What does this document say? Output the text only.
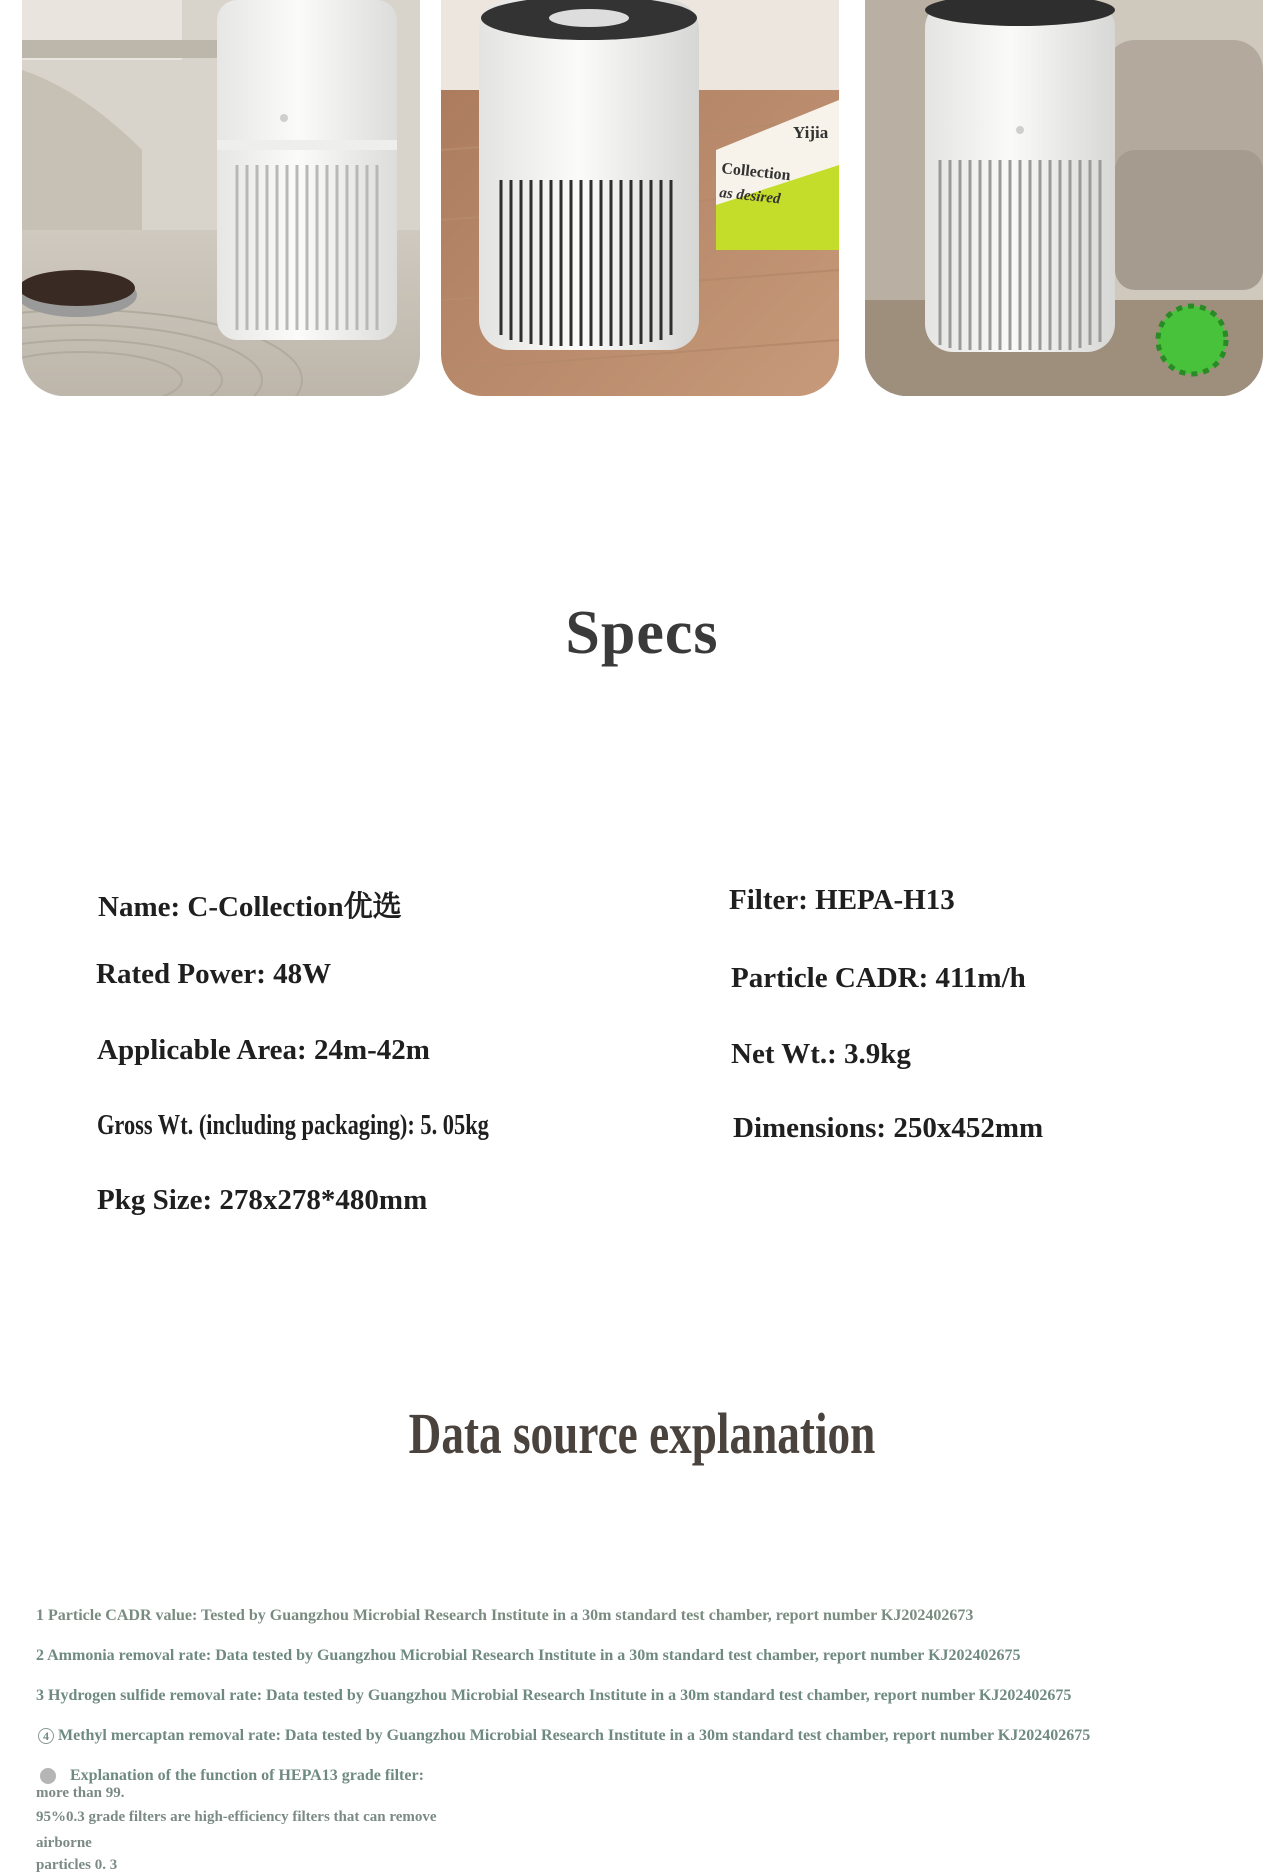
Yijia
Collection
as desired
Specs
Name: C-Collection优选
Rated Power: 48W
Applicable Area: 24m-42m
Gross Wt. (including packaging): 5. 05kg
Pkg Size: 278x278*480mm
Filter: HEPA-H13
Particle CADR: 411m/h
Net Wt.: 3.9kg
Dimensions: 250x452mm
Data source explanation
1 Particle CADR value: Tested by Guangzhou Microbial Research Institute in a 30m standard test chamber, report number KJ202402673
2 Ammonia removal rate: Data tested by Guangzhou Microbial Research Institute in a 30m standard test chamber, report number KJ202402675
3 Hydrogen sulfide removal rate: Data tested by Guangzhou Microbial Research Institute in a 30m standard test chamber, report number KJ202402675
4 Methyl mercaptan removal rate: Data tested by Guangzhou Microbial Research Institute in a 30m standard test chamber, report number KJ202402675
Explanation of the function of HEPA13 grade filter:
more than 99.
95%0.3 grade filters are high-efficiency filters that can remove
airborne
particles 0. 3
